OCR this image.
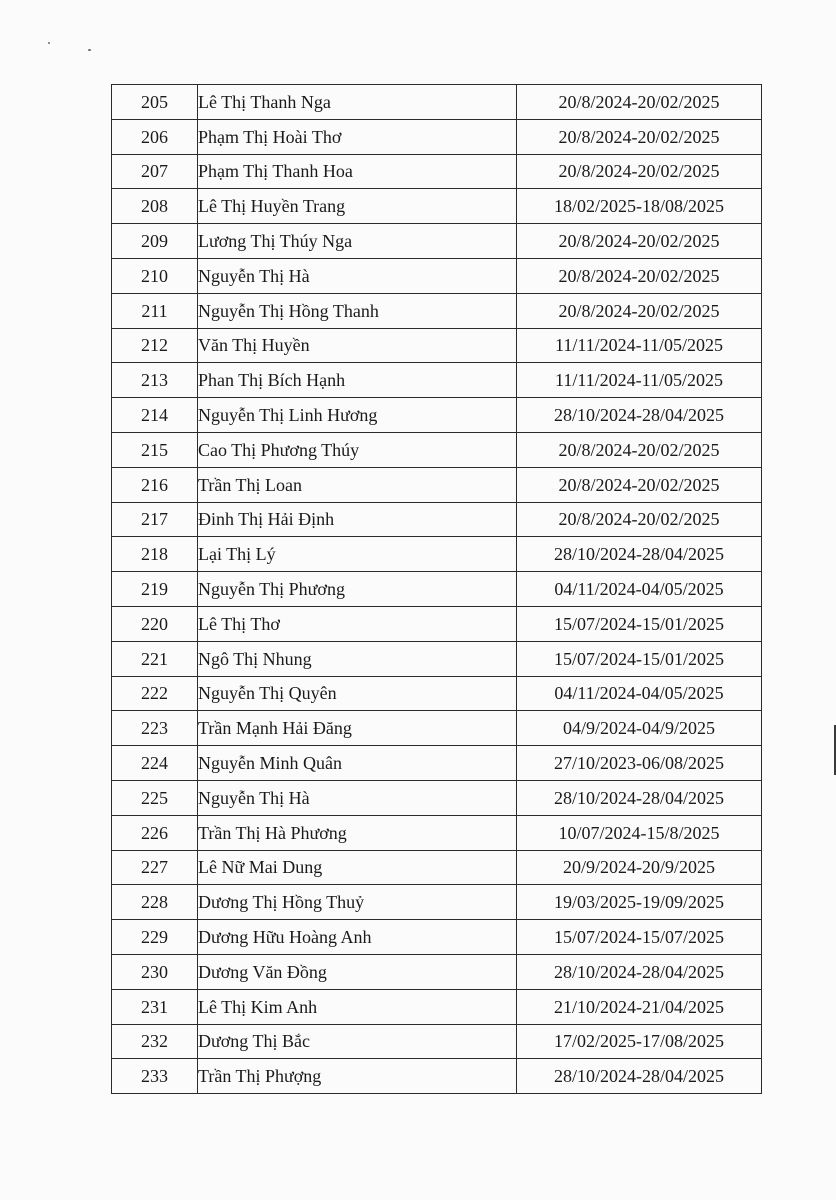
205	Lê Thị Thanh Nga	20/8/2024-20/02/2025
206	Phạm Thị Hoài Thơ	20/8/2024-20/02/2025
207	Phạm Thị Thanh Hoa	20/8/2024-20/02/2025
208	Lê Thị Huyền Trang	18/02/2025-18/08/2025
209	Lương Thị Thúy Nga	20/8/2024-20/02/2025
210	Nguyễn Thị Hà	20/8/2024-20/02/2025
211	Nguyễn Thị Hồng Thanh	20/8/2024-20/02/2025
212	Văn Thị Huyền	11/11/2024-11/05/2025
213	Phan Thị Bích Hạnh	11/11/2024-11/05/2025
214	Nguyễn Thị Linh Hương	28/10/2024-28/04/2025
215	Cao Thị Phương Thúy	20/8/2024-20/02/2025
216	Trần Thị Loan	20/8/2024-20/02/2025
217	Đinh Thị Hải Định	20/8/2024-20/02/2025
218	Lại Thị Lý	28/10/2024-28/04/2025
219	Nguyễn Thị Phương	04/11/2024-04/05/2025
220	Lê Thị Thơ	15/07/2024-15/01/2025
221	Ngô Thị Nhung	15/07/2024-15/01/2025
222	Nguyễn Thị Quyên	04/11/2024-04/05/2025
223	Trần Mạnh Hải Đăng	04/9/2024-04/9/2025
224	Nguyễn Minh Quân	27/10/2023-06/08/2025
225	Nguyễn Thị Hà	28/10/2024-28/04/2025
226	Trần Thị Hà Phương	10/07/2024-15/8/2025
227	Lê Nữ Mai Dung	20/9/2024-20/9/2025
228	Dương Thị Hồng Thuỷ	19/03/2025-19/09/2025
229	Dương Hữu Hoàng Anh	15/07/2024-15/07/2025
230	Dương Văn Đồng	28/10/2024-28/04/2025
231	Lê Thị Kim Anh	21/10/2024-21/04/2025
232	Dương Thị Bắc	17/02/2025-17/08/2025
233	Trần Thị Phượng	28/10/2024-28/04/2025
